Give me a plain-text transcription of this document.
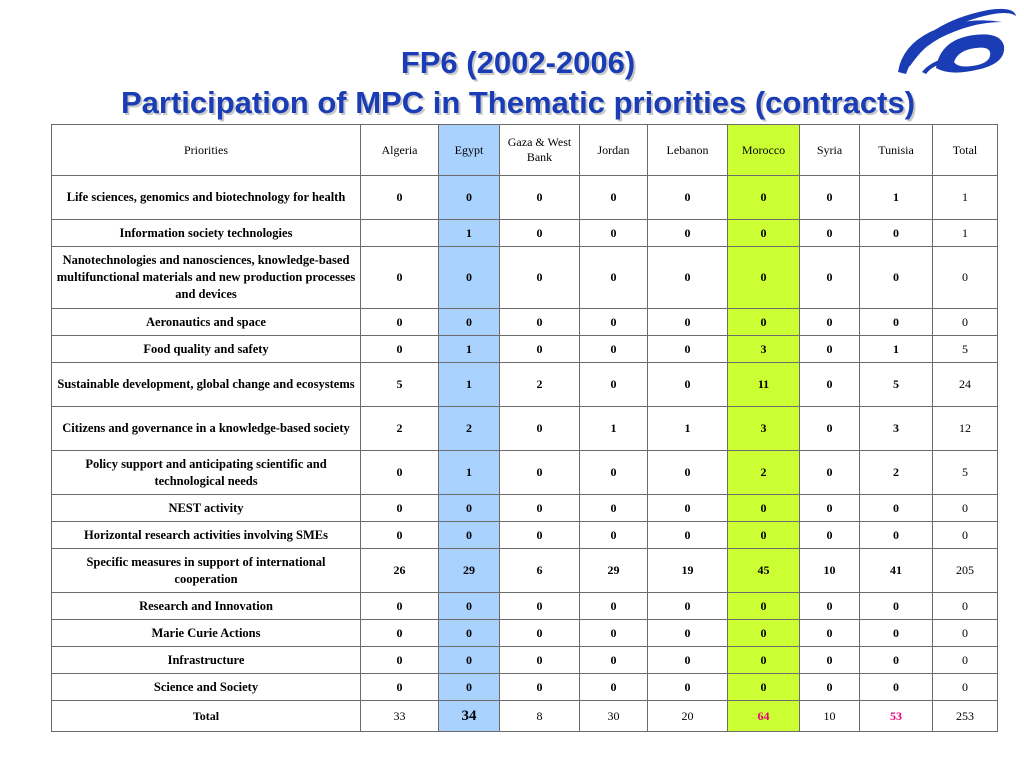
FP6 (2002-2006)
Participation of MPC in Thematic priorities (contracts)
Priorities	Algeria	Egypt	Gaza & West Bank	Jordan	Lebanon	Morocco	Syria	Tunisia	Total
Life sciences, genomics and biotechnology for health	0	0	0	0	0	0	0	1	1
Information society technologies		1	0	0	0	0	0	0	1
Nanotechnologies and nanosciences, knowledge-based multifunctional materials and new production processes and devices	0	0	0	0	0	0	0	0	0
Aeronautics and space	0	0	0	0	0	0	0	0	0
Food quality and safety	0	1	0	0	0	3	0	1	5
Sustainable development, global change and ecosystems	5	1	2	0	0	11	0	5	24
Citizens and governance in a knowledge-based society	2	2	0	1	1	3	0	3	12
Policy support and anticipating scientific and technological needs	0	1	0	0	0	2	0	2	5
NEST activity	0	0	0	0	0	0	0	0	0
Horizontal research activities involving SMEs	0	0	0	0	0	0	0	0	0
Specific measures in support of international cooperation	26	29	6	29	19	45	10	41	205
Research and Innovation	0	0	0	0	0	0	0	0	0
Marie Curie Actions	0	0	0	0	0	0	0	0	0
Infrastructure	0	0	0	0	0	0	0	0	0
Science and Society	0	0	0	0	0	0	0	0	0
Total	33	34	8	30	20	64	10	53	253
